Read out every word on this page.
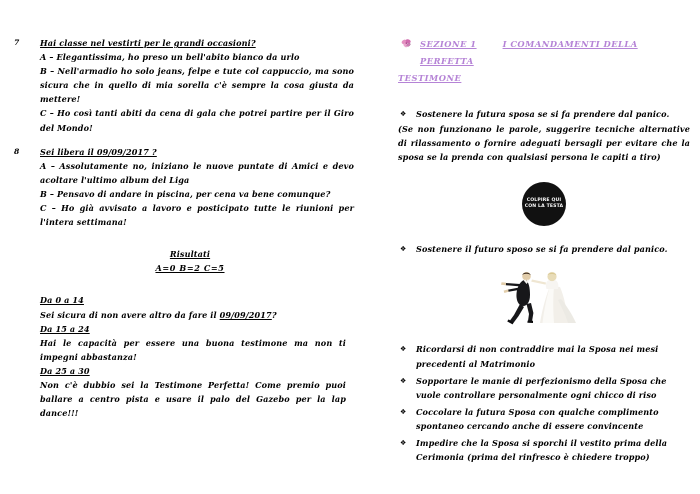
7	Hai classe nel vestirti per le grandi occasioni?
A – Elegantissima, ho preso un bell'abito bianco da urlo
B – Nell'armadio ho solo jeans, felpe e tute col cappuccio, ma sono sicura che in quello di mia sorella c'è sempre la cosa giusta da mettere!
C – Ho così tanti abiti da cena di gala che potrei partire per il Giro del Mondo!
8	Sei libera il 09/09/2017 ?
A – Assolutamente no, iniziano le nuove puntate di Amici e devo acoltare l'ultimo album del Liga
B – Pensavo di andare in piscina, per cena va bene comunque?
C – Ho già avvisato a lavoro e posticipato tutte le riunioni per l'intera settimana!
Risultati
A=0 B=2 C=5
Da 0 a 14
Sei sicura di non avere altro da fare il 09/09/2017?
Da 15 a 24
Hai le capacità per essere una buona testimone ma non ti impegni abbastanza!
Da 25 a 30
Non c'è dubbio sei la Testimone Perfetta! Come premio puoi ballare a centro pista e usare il palo del Gazebo per la lap dance!!!
SEZIONE 1	I COMANDAMENTI DELLA PERFETTA
TESTIMONE
❖ Sostenere la futura sposa se si fa prendere dal panico.
(Se non funzionano le parole, suggerire tecniche alternative di rilassamento o fornire adeguati bersagli per evitare che la sposa se la prenda con qualsiasi persona le capiti a tiro)
COLPIRE QUI
CON LA TESTA
❖ Sostenere il futuro sposo se si fa prendere dal panico.
❖ Ricordarsi di non contraddire mai la Sposa nei mesi precedenti al Matrimonio
❖ Sopportare le manie di perfezionismo della Sposa che vuole controllare personalmente ogni chicco di riso
❖ Coccolare la futura Sposa con qualche complimento spontaneo cercando anche di essere convincente
❖ Impedire che la Sposa si sporchi il vestito prima della Cerimonia (prima del rinfresco è chiedere troppo)
